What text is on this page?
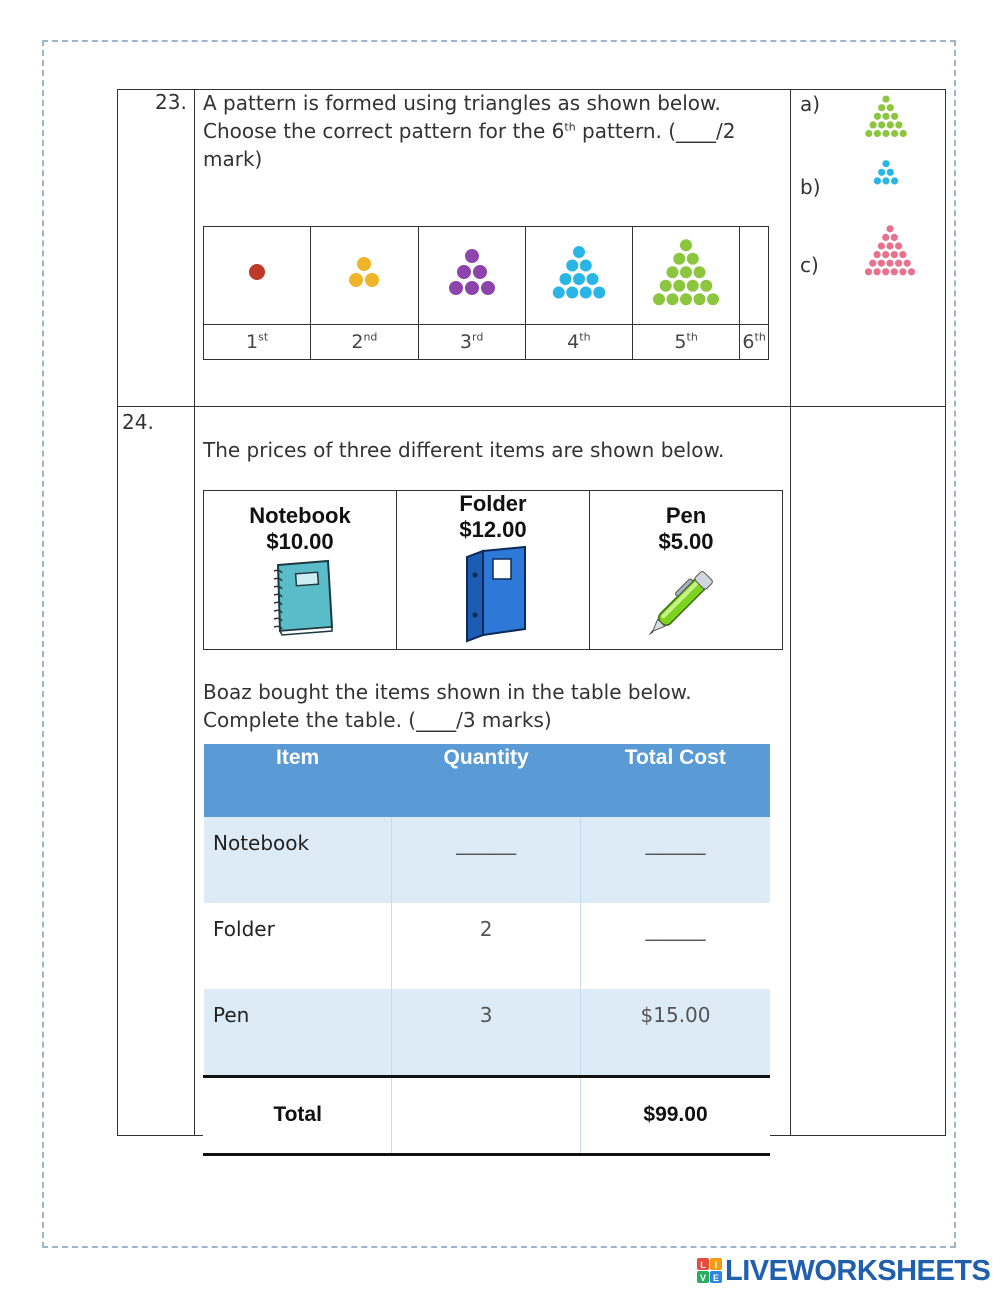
23. A pattern is formed using triangles as shown below.
Choose the correct pattern for the 6th pattern. (____/2
mark)

1st	2nd	3rd	4th	5th	6th
a)
b)
c)
24.
The prices of three different items are shown below.
Notebook
$10.00

Folder
$12.00

Pen
$5.00
Boaz bought the items shown in the table below.
Complete the table. (____/3 marks)
Item	Quantity	Total Cost
Notebook	______	______
Folder	2	______
Pen	3	$15.00
Total		$99.00
L I
V E LIVEWORKSHEETS
